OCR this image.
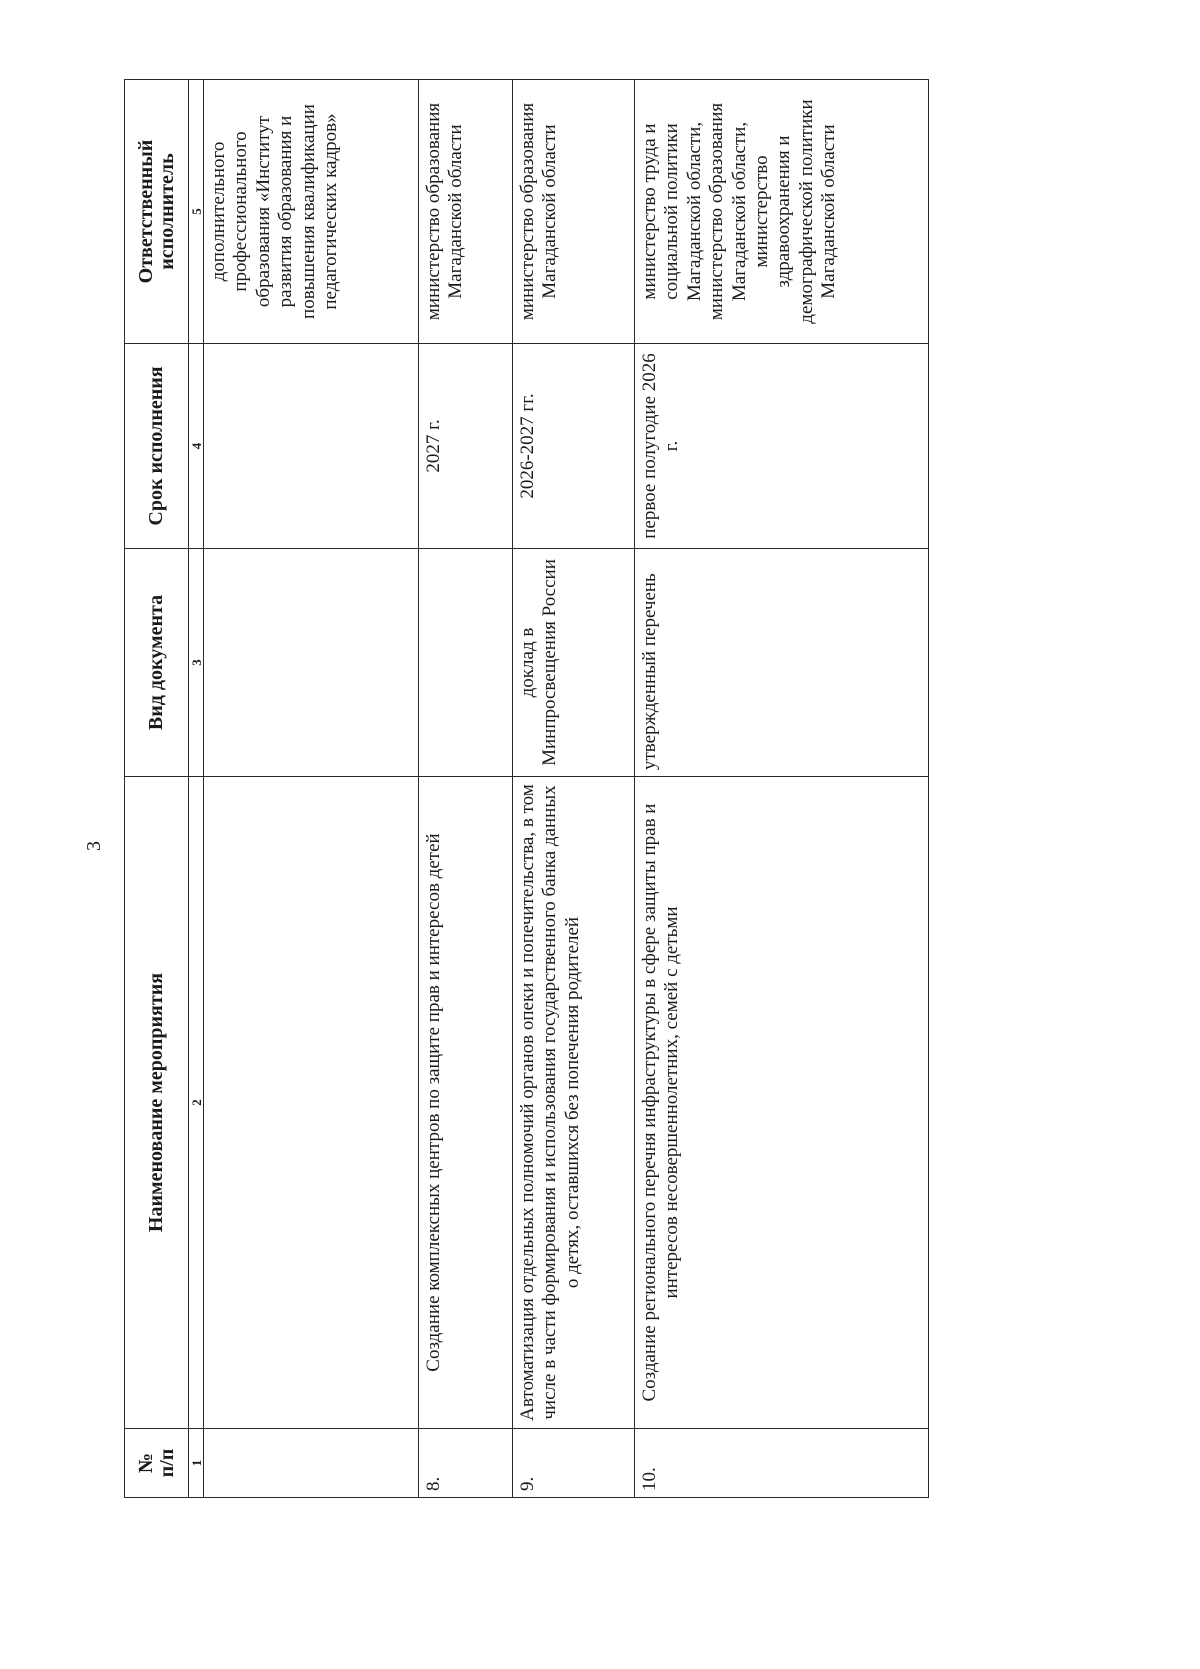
3
№
п/п	Наименование мероприятия	Вид документа	Срок исполнения	Ответственный исполнитель
1	2	3	4	5
				дополнительного профессионального образования «Институт развития образования и повышения квалификации педагогических кадров»
8.	Создание комплексных центров по защите прав и интересов детей		2027 г.	министерство образования Магаданской области
9.	Автоматизация отдельных полномочий органов опеки и попечительства, в том числе в части формирования и использования государственного банка данных о детях, оставшихся без попечения родителей	доклад в Минпросвещения России	2026-2027 гг.	министерство образования Магаданской области
10.	Создание регионального перечня инфраструктуры в сфере защиты прав и интересов несовершеннолетних, семей с детьми	утвержденный перечень	первое полугодие 2026 г.	министерство труда и социальной политики Магаданской области, министерство образования Магаданской области, министерство здравоохранения и демографической политики Магаданской области
